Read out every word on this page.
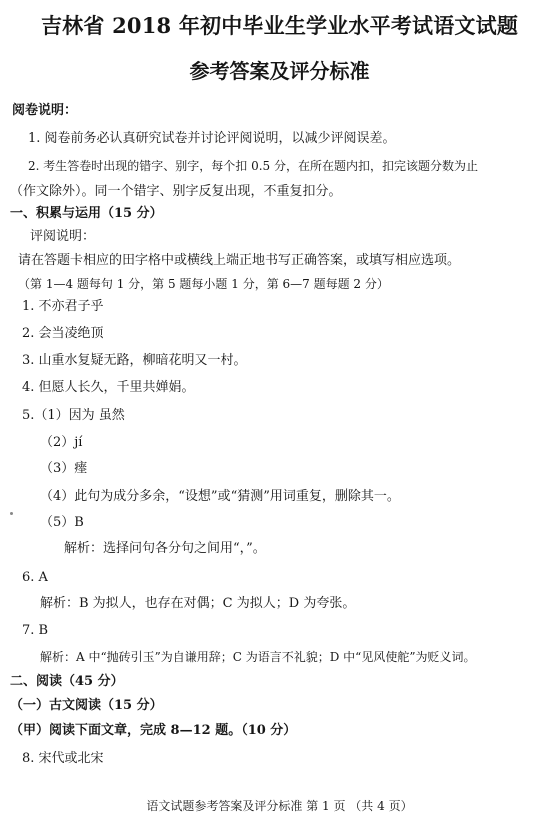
吉林省 2018 年初中毕业生学业水平考试语文试题
参考答案及评分标准
阅卷说明：
1. 阅卷前务必认真研究试卷并讨论评阅说明，以减少评阅误差。
2. 考生答卷时出现的错字、别字，每个扣 0.5 分，在所在题内扣，扣完该题分数为止
（作文除外）。同一个错字、别字反复出现，不重复扣分。
一、积累与运用（15 分）
评阅说明：
请在答题卡相应的田字格中或横线上端正地书写正确答案，或填写相应选项。
（第 1—4 题每句 1 分，第 5 题每小题 1 分，第 6—7 题每题 2 分）
1. 不亦君子乎
2. 会当凌绝顶
3. 山重水复疑无路，柳暗花明又一村。
4. 但愿人长久，千里共婵娟。
5.（1）因为 虽然
（2）jí
（3）瘗
（4）此句为成分多余，“设想”或“猜测”用词重复，删除其一。
（5）B
解析：选择问句各分句之间用“，”。
6. A
解析：B 为拟人，也存在对偶；C 为拟人；D 为夸张。
7. B
解析：A 中“抛砖引玉”为自谦用辞；C 为语言不礼貌；D 中“见风使舵”为贬义词。
二、阅读（45 分）
（一）古文阅读（15 分）
（甲）阅读下面文章，完成 8—12 题。（10 分）
8. 宋代或北宋
语文试题参考答案及评分标准 第 1 页 （共 4 页）
